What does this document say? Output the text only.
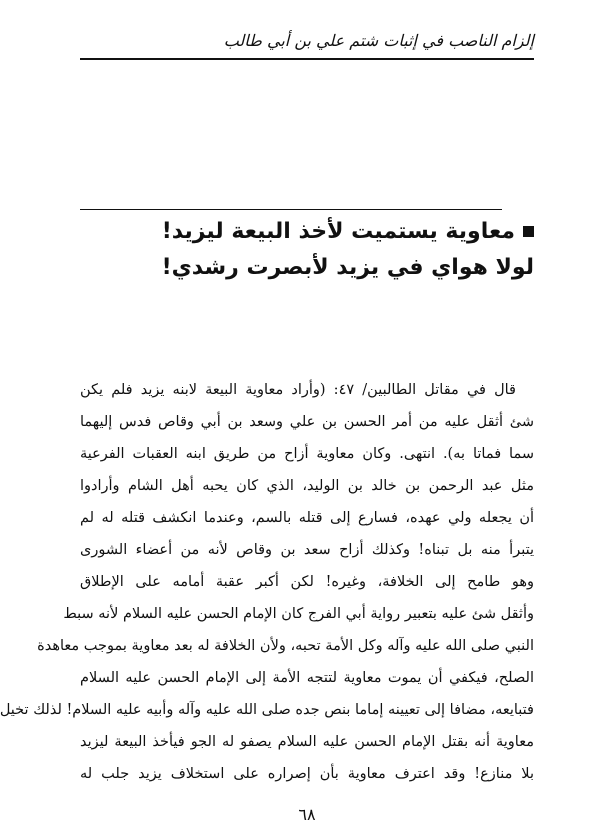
إلزام الناصب في إثبات شتم علي بن أبي طالب
معاوية يستميت لأخذ البيعة ليزيد!
لولا هواي في يزيد لأبصرت رشدي!
قال في مقاتل الطالبين/ ٤٧: (وأراد معاوية البيعة لابنه يزيد فلم يكن
شئ أثقل عليه من أمر الحسن بن علي وسعد بن أبي وقاص فدس إليهما
سما فماتا به). انتهى. وكان معاوية أزاح من طريق ابنه العقبات الفرعية
مثل عبد الرحمن بن خالد بن الوليد، الذي كان يحبه أهل الشام وأرادوا
أن يجعله ولي عهده، فسارع إلى قتله بالسم، وعندما انكشف قتله له لم
يتبرأ منه بل تبناه! وكذلك أزاح سعد بن وقاص لأنه من أعضاء الشورى
وهو طامح إلى الخلافة، وغيره! لكن أكبر عقبة أمامه على الإطلاق
وأثقل شئ عليه بتعبير رواية أبي الفرج كان الإمام الحسن عليه السلام لأنه سبط
النبي صلى الله عليه وآله وكل الأمة تحبه، ولأن الخلافة له بعد معاوية بموجب معاهدة
الصلح، فيكفي أن يموت معاوية لتتجه الأمة إلى الإمام الحسن عليه السلام
فتبايعه، مضافا إلى تعيينه إماما بنص جده صلى الله عليه وآله وأبيه عليه السلام! لذلك تخيل
معاوية أنه بقتل الإمام الحسن عليه السلام يصفو له الجو فيأخذ البيعة ليزيد
بلا منازع! وقد اعترف معاوية بأن إصراره على استخلاف يزيد جلب له
٦٨
